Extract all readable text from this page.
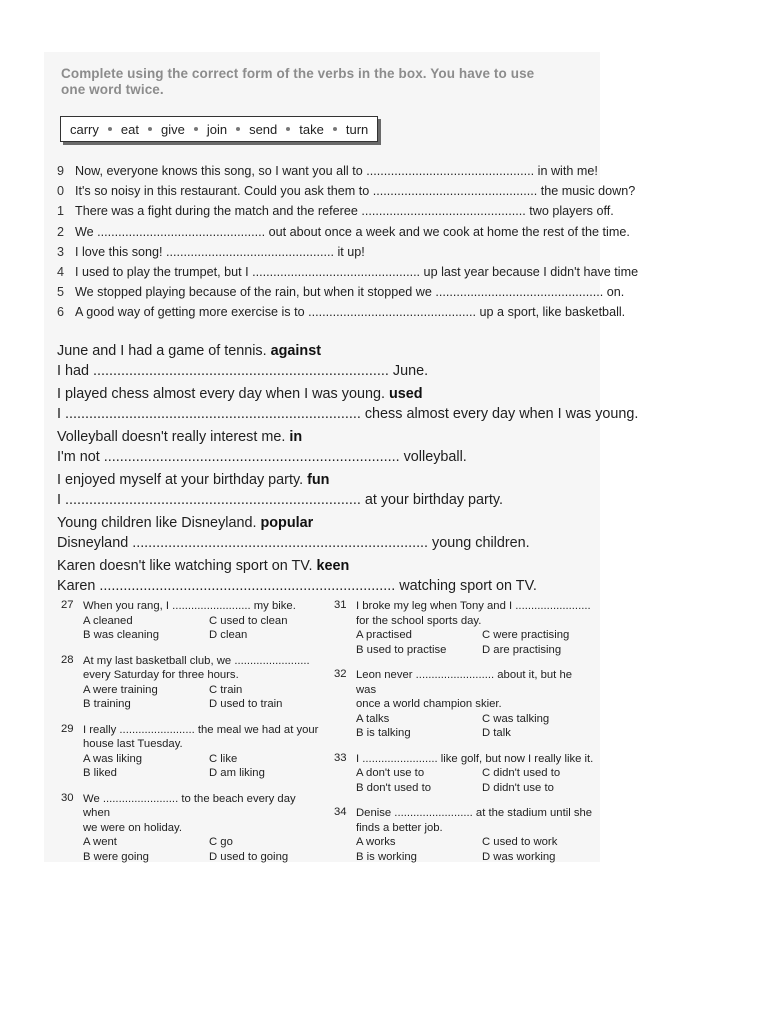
Complete using the correct form of the verbs in the box. You have to use one word twice.
carry eat give join send take turn
9 Now, everyone knows this song, so I want you all to ................................................ in with me!
0 It's so noisy in this restaurant. Could you ask them to ............................................... the music down?
1 There was a fight during the match and the referee ............................................... two players off.
2 We ................................................ out about once a week and we cook at home the rest of the time.
3 I love this song! ................................................ it up!
4 I used to play the trumpet, but I ................................................ up last year because I didn't have time
5 We stopped playing because of the rain, but when it stopped we ................................................ on.
6 A good way of getting more exercise is to ................................................ up a sport, like basketball.
June and I had a game of tennis. against
I had .......................................................................... June.
I played chess almost every day when I was young. used
I .......................................................................... chess almost every day when I was young.
Volleyball doesn't really interest me. in
I'm not .......................................................................... volleyball.
I enjoyed myself at your birthday party. fun
I .......................................................................... at your birthday party.
Young children like Disneyland. popular
Disneyland .......................................................................... young children.
Karen doesn't like watching sport on TV. keen
Karen .......................................................................... watching sport on TV.
27 When you rang, I ......................... my bike.
A cleaned	C used to clean
B was cleaning	D clean
28 At my last basketball club, we ........................
every Saturday for three hours.
A were training	C train
B training	D used to train
29 I really ........................ the meal we had at your
house last Tuesday.
A was liking	C like
B liked	D am liking
30 We ........................ to the beach every day when
we were on holiday.
A went	C go
B were going	D used to going
31 I broke my leg when Tony and I ........................
for the school sports day.
A practised	C were practising
B used to practise	D are practising
32 Leon never ......................... about it, but he was
once a world champion skier.
A talks	C was talking
B is talking	D talk
33 I ........................ like golf, but now I really like it.
A don't use to	C didn't used to
B don't used to	D didn't use to
34 Denise ......................... at the stadium until she
finds a better job.
A works	C used to work
B is working	D was working
